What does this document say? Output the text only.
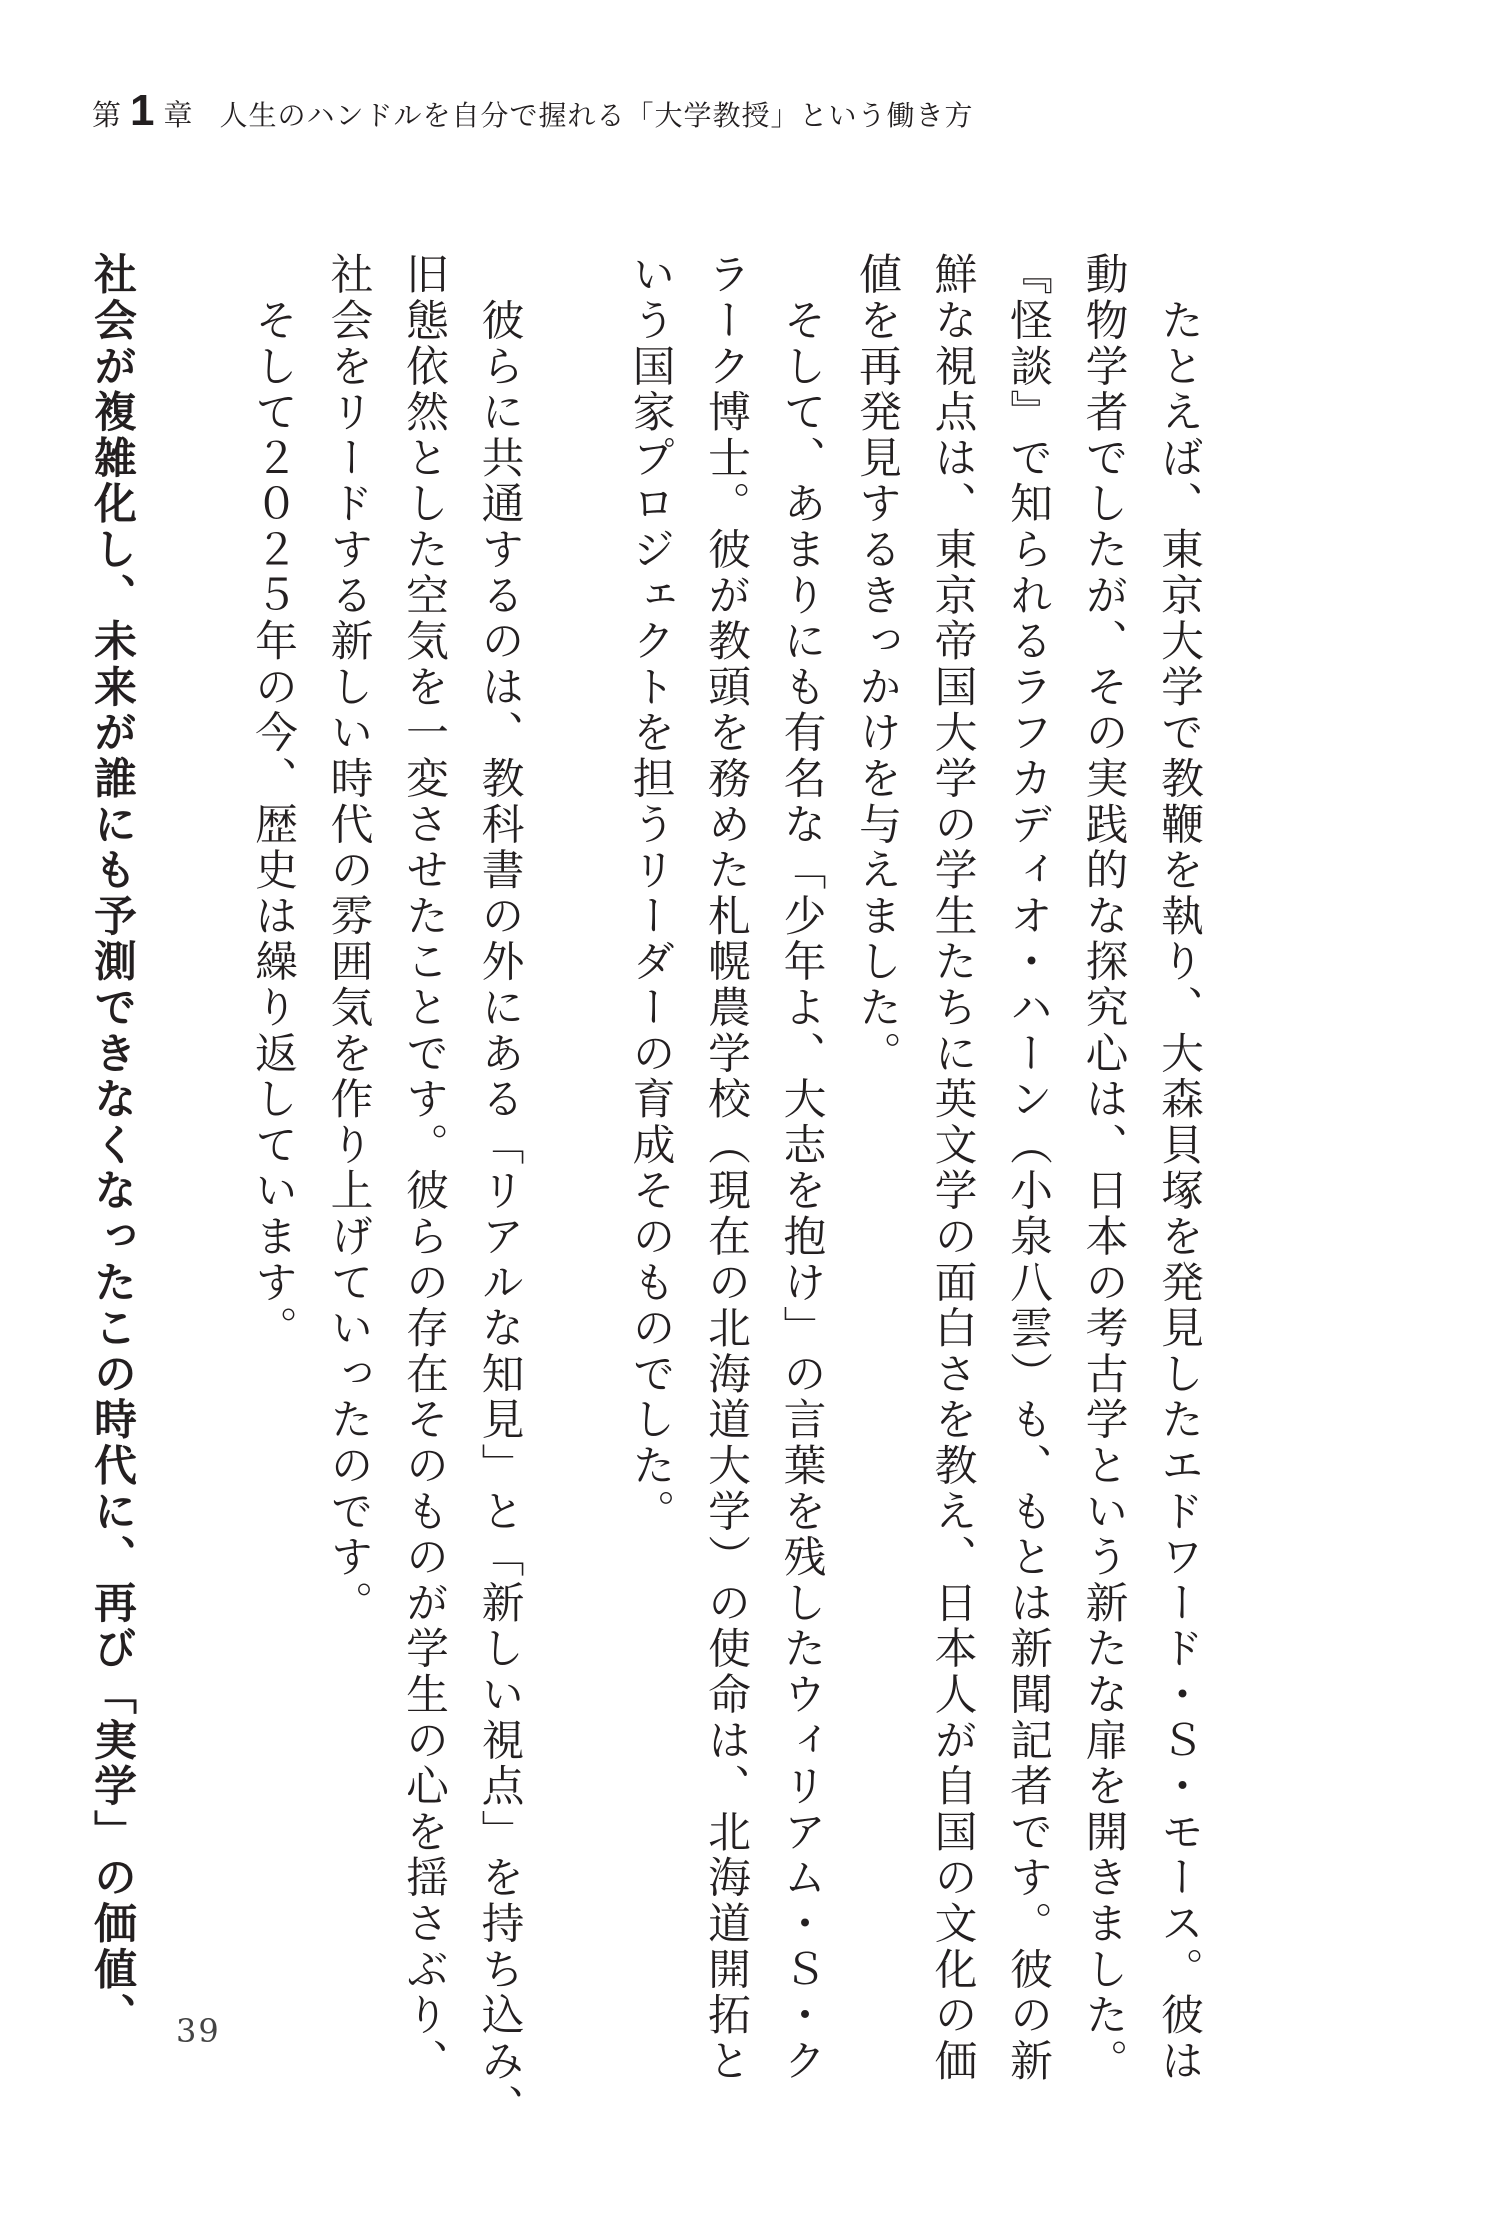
第 1 章 人生のハンドルを自分で握れる「大学教授」という働き方

　たとえば、東京大学で教鞭を執り、大森貝塚を発見したエドワード・Ｓ・モース。彼は

動物学者でしたが、その実践的な探究心は、日本の考古学という新たな扉を開きました。

『怪談』で知られるラフカディオ・ハーン（小泉八雲）も、もとは新聞記者です。彼の新

鮮な視点は、東京帝国大学の学生たちに英文学の面白さを教え、日本人が自国の文化の価

値を再発見するきっかけを与えました。

　そして、あまりにも有名な「少年よ、大志を抱け」の言葉を残したウィリアム・Ｓ・ク

ラーク博士。彼が教頭を務めた札幌農学校（現在の北海道大学）の使命は、北海道開拓と

いう国家プロジェクトを担うリーダーの育成そのものでした。

　彼らに共通するのは、教科書の外にある「リアルな知見」と「新しい視点」を持ち込み、

旧態依然とした空気を一変させたことです。彼らの存在そのものが学生の心を揺さぶり、

社会をリードする新しい時代の雰囲気を作り上げていったのです。

　そして２０２５年の今、歴史は繰り返しています。

社会が複雑化し、未来が誰にも予測できなくなったこの時代に、再び「実学」の価値、	39
